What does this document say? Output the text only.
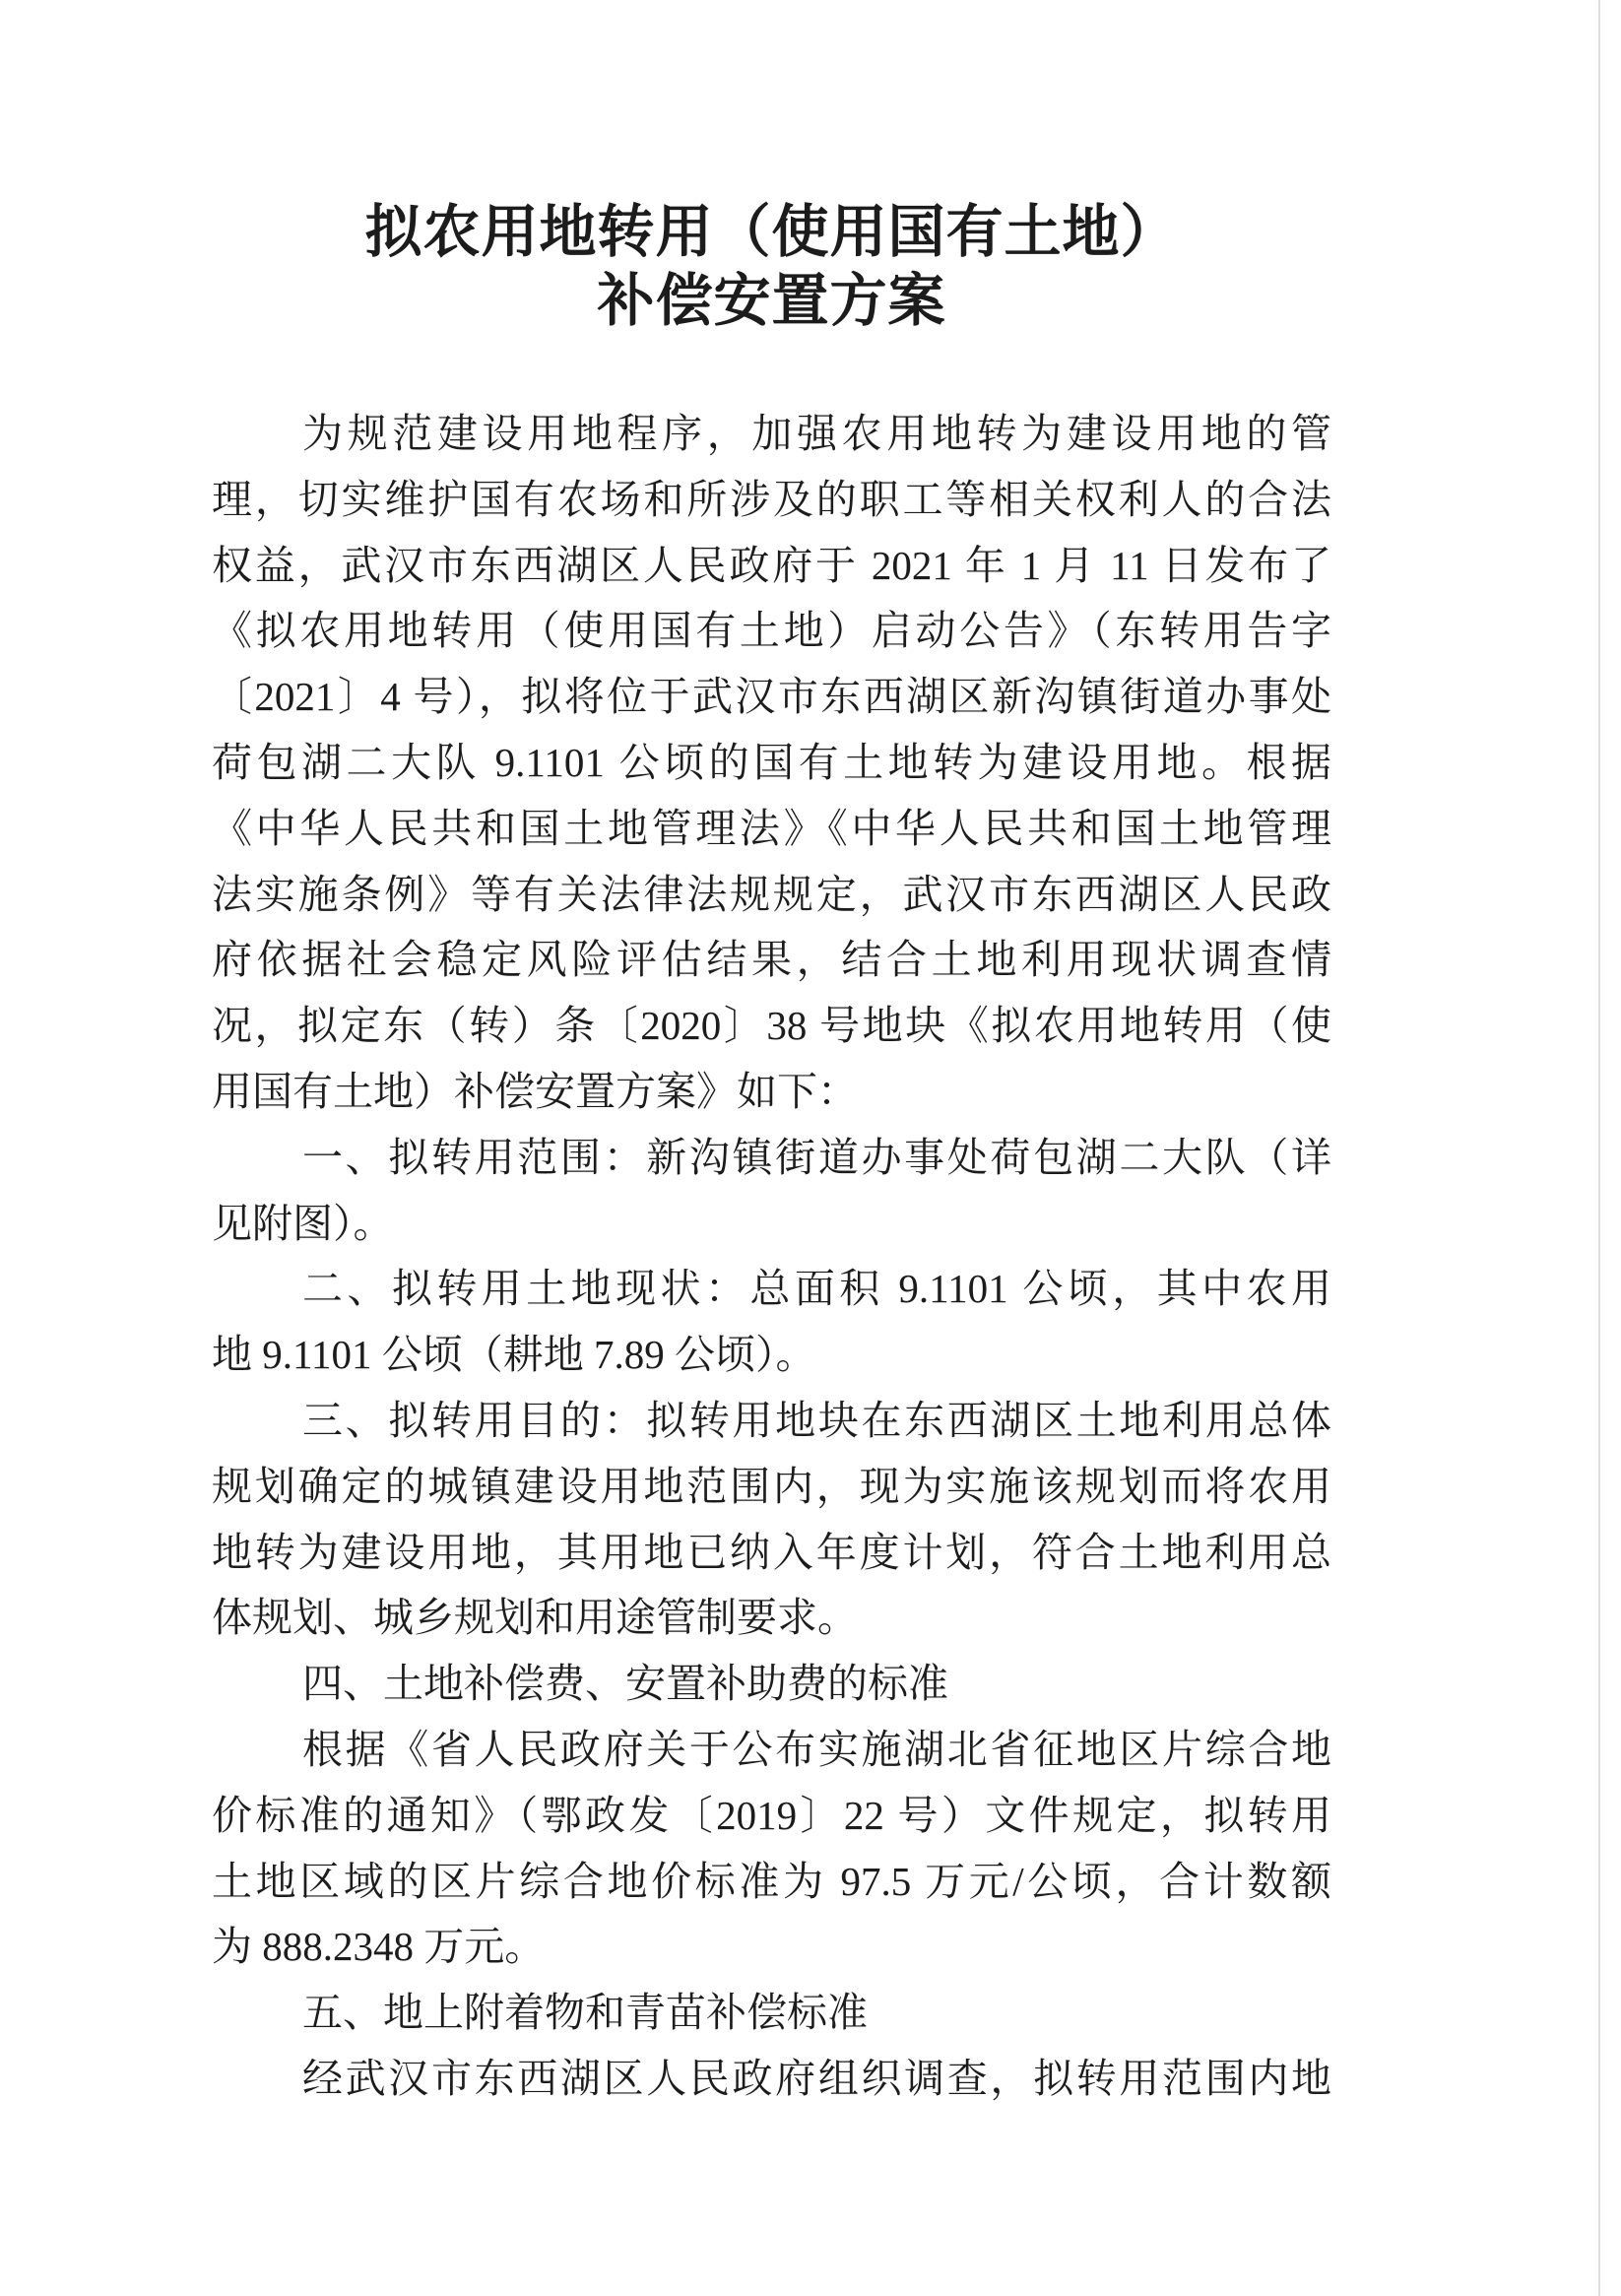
拟农用地转用（使用国有土地）
补偿安置方案
为规范建设用地程序，加强农用地转为建设用地的管
理，切实维护国有农场和所涉及的职工等相关权利人的合法
权益，武汉市东西湖区人民政府于 2021 年 1 月 11 日发布了
《拟农用地转用（使用国有土地）启动公告》（东转用告字
〔2021〕4 号），拟将位于武汉市东西湖区新沟镇街道办事处
荷包湖二大队 9.1101 公顷的国有土地转为建设用地。根据
《中华人民共和国土地管理法》《中华人民共和国土地管理
法实施条例》等有关法律法规规定，武汉市东西湖区人民政
府依据社会稳定风险评估结果，结合土地利用现状调查情
况，拟定东（转）条〔2020〕38 号地块《拟农用地转用（使
用国有土地）补偿安置方案》如下：
一、拟转用范围：新沟镇街道办事处荷包湖二大队（详
见附图）。
二、拟转用土地现状：总面积 9.1101 公顷，其中农用
地 9.1101 公顷（耕地 7.89 公顷）。
三、拟转用目的：拟转用地块在东西湖区土地利用总体
规划确定的城镇建设用地范围内，现为实施该规划而将农用
地转为建设用地，其用地已纳入年度计划，符合土地利用总
体规划、城乡规划和用途管制要求。
四、土地补偿费、安置补助费的标准
根据《省人民政府关于公布实施湖北省征地区片综合地
价标准的通知》（鄂政发〔2019〕22 号）文件规定，拟转用
土地区域的区片综合地价标准为 97.5 万元/公顷，合计数额
为 888.2348 万元。
五、地上附着物和青苗补偿标准
经武汉市东西湖区人民政府组织调查，拟转用范围内地
